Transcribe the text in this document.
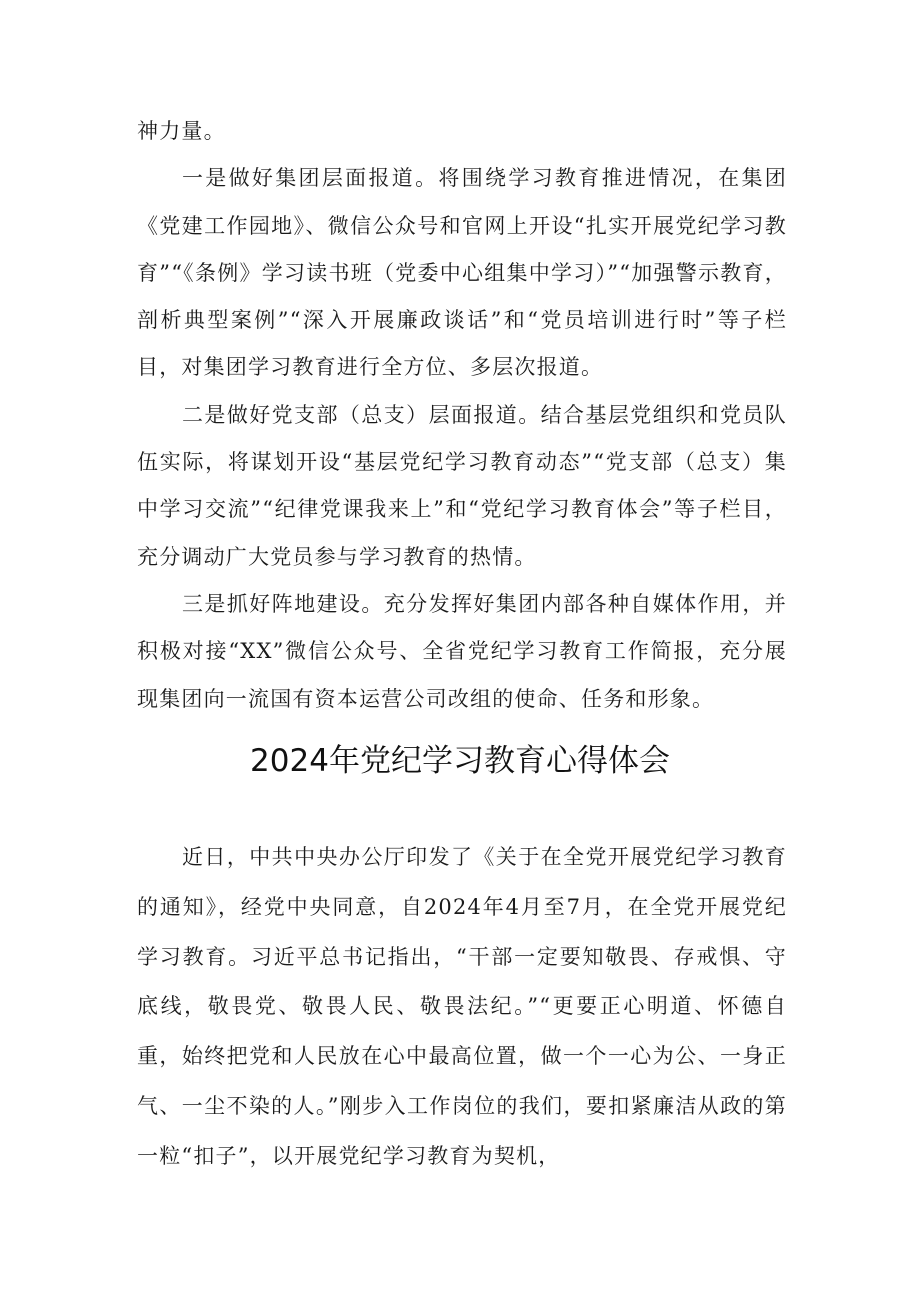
神力量。

一是做好集团层面报道。将围绕学习教育推进情况，在集团《党建工作园地》、微信公众号和官网上开设“扎实开展党纪学习教育”“《条例》学习读书班（党委中心组集中学习）”“加强警示教育，剖析典型案例”“深入开展廉政谈话”和“党员培训进行时”等子栏目，对集团学习教育进行全方位、多层次报道。

二是做好党支部（总支）层面报道。结合基层党组织和党员队伍实际，将谋划开设“基层党纪学习教育动态”“党支部（总支）集中学习交流”“纪律党课我来上”和“党纪学习教育体会”等子栏目，充分调动广大党员参与学习教育的热情。

三是抓好阵地建设。充分发挥好集团内部各种自媒体作用，并积极对接“XX”微信公众号、全省党纪学习教育工作简报，充分展现集团向一流国有资本运营公司改组的使命、任务和形象。

2024年党纪学习教育心得体会

近日，中共中央办公厅印发了《关于在全党开展党纪学习教育的通知》，经党中央同意，自2024年4月至7月，在全党开展党纪学习教育。习近平总书记指出，“干部一定要知敬畏、存戒惧、守底线，敬畏党、敬畏人民、敬畏法纪。”“更要正心明道、怀德自重，始终把党和人民放在心中最高位置，做一个一心为公、一身正气、一尘不染的人。”刚步入工作岗位的我们，要扣紧廉洁从政的第一粒“扣子”，以开展党纪学习教育为契机，
